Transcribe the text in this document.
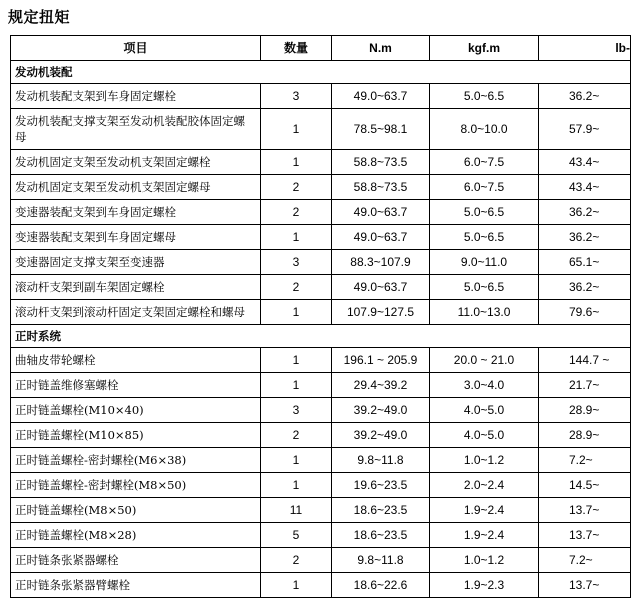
规定扭矩
项目	数量	N.m	kgf.m	lb-
发动机装配				
发动机装配支架到车身固定螺栓	3	49.0~63.7	5.0~6.5	36.2~
发动机装配支撑支架至发动机装配胶体固定螺母	1	78.5~98.1	8.0~10.0	57.9~
发动机固定支架至发动机支架固定螺栓	1	58.8~73.5	6.0~7.5	43.4~
发动机固定支架至发动机支架固定螺母	2	58.8~73.5	6.0~7.5	43.4~
变速器装配支架到车身固定螺栓	2	49.0~63.7	5.0~6.5	36.2~
变速器装配支架到车身固定螺母	1	49.0~63.7	5.0~6.5	36.2~
变速器固定支撑支架至变速器	3	88.3~107.9	9.0~11.0	65.1~
滚动杆支架到副车架固定螺栓	2	49.0~63.7	5.0~6.5	36.2~
滚动杆支架到滚动杆固定支架固定螺栓和螺母	1	107.9~127.5	11.0~13.0	79.6~
正时系统				
曲轴皮带轮螺栓	1	196.1 ~ 205.9	20.0 ~ 21.0	144.7 ~
正时链盖维修塞螺栓	1	29.4~39.2	3.0~4.0	21.7~
正时链盖螺栓(M10×40)	3	39.2~49.0	4.0~5.0	28.9~
正时链盖螺栓(M10×85)	2	39.2~49.0	4.0~5.0	28.9~
正时链盖螺栓-密封螺栓(M6×38)	1	9.8~11.8	1.0~1.2	7.2~
正时链盖螺栓-密封螺栓(M8×50)	1	19.6~23.5	2.0~2.4	14.5~
正时链盖螺栓(M8×50)	11	18.6~23.5	1.9~2.4	13.7~
正时链盖螺栓(M8×28)	5	18.6~23.5	1.9~2.4	13.7~
正时链条张紧器螺栓	2	9.8~11.8	1.0~1.2	7.2~
正时链条张紧器臂螺栓	1	18.6~22.6	1.9~2.3	13.7~
